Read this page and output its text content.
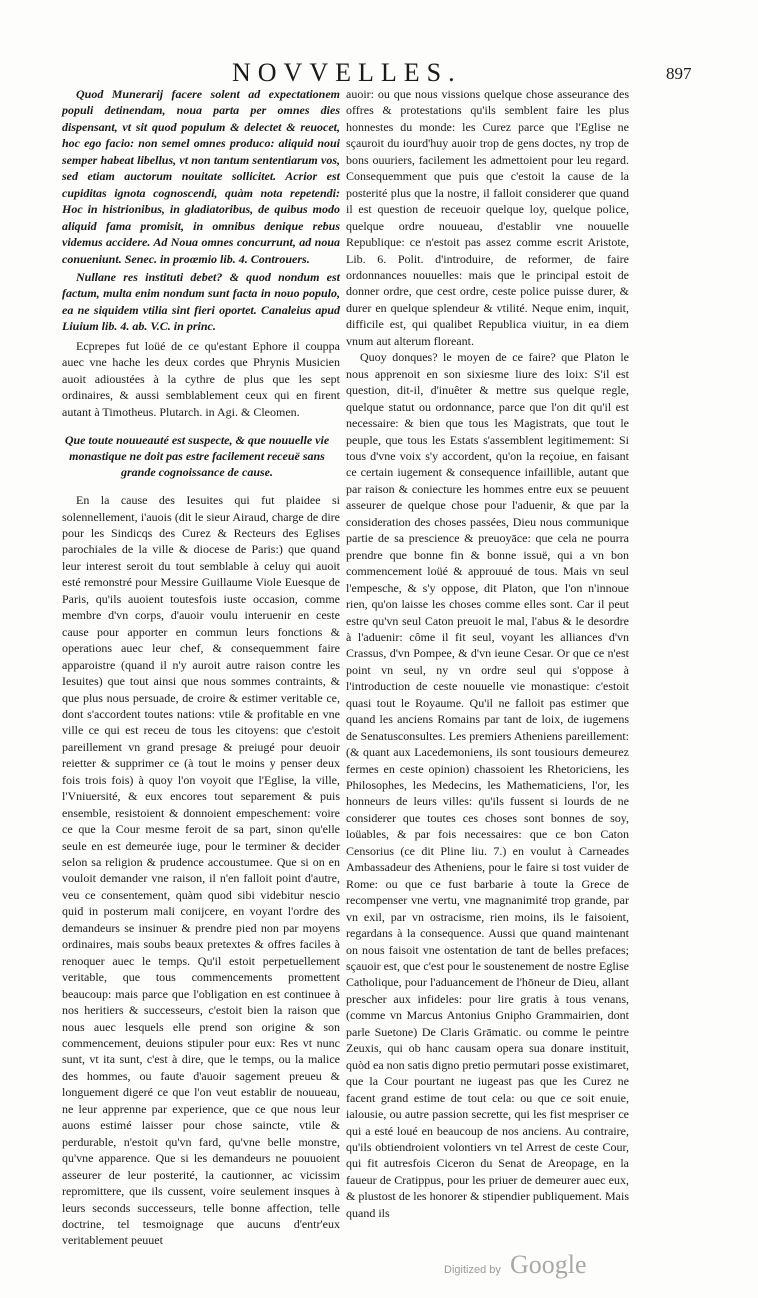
NOVVELLES.	897

Quod Munerarij facere solent ad expectationem populi detinendam, noua parta per omnes dies dispensant, vt sit quod populum & delectet & reuocet, hoc ego facio: non semel omnes produco: aliquid noui semper habeat libellus, vt non tantum sententiarum vos, sed etiam auctorum nouitate sollicitet. Acrior est cupiditas ignota cognoscendi, quàm nota repetendi: Hoc in histrionibus, in gladiatoribus, de quibus modo aliquid fama promisit, in omnibus denique rebus videmus accidere. Ad Noua omnes concurrunt, ad noua conueniunt. Senec. in proœmio lib. 4. Controuers.

Nullane res instituti debet? & quod nondum est factum, multa enim nondum sunt facta in nouo populo, ea ne siquidem vtilia sint fieri oportet. Canaleius apud Liuium lib. 4. ab. V.C. in princ.

Ecprepes fut loüé de ce qu'estant Ephore il couppa auec vne hache les deux cordes que Phrynis Musicien auoit adioustées à la cythre de plus que les sept ordinaires, & aussi semblablement ceux qui en firent autant à Timotheus. Plutarch. in Agi. & Cleomen.

Que toute nouueauté est suspecte, & que nouuelle vie monastique ne doit pas estre facilement receuë sans
grande cognoissance de cause.

En la cause des Iesuites qui fut plaidee si solennellement, i'auois (dit le sieur Airaud, charge de dire pour les Sindicqs des Curez & Recteurs des Eglises parochiales de la ville & diocese de Paris:) que quand leur interest seroit du tout semblable à celuy qui auoit esté remonstré pour Messire Guillaume Viole Euesque de Paris, qu'ils auoient toutesfois iuste occasion, comme membre d'vn corps, d'auoir voulu interuenir en ceste cause pour apporter en commun leurs fonctions & operations auec leur chef, & consequemment faire apparoistre (quand il n'y auroit autre raison contre les Iesuites) que tout ainsi que nous sommes contraints, & que plus nous persuade, de croire & estimer veritable ce, dont s'accordent toutes nations: vtile & profitable en vne ville ce qui est receu de tous les citoyens: que c'estoit pareillement vn grand presage & preiugé pour deuoir reietter & supprimer ce (à tout le moins y penser deux fois trois fois) à quoy l'on voyoit que l'Eglise, la ville, l'Vniuersité, & eux encores tout separement & puis ensemble, resistoient & donnoient empeschement: voire ce que la Cour mesme feroit de sa part, sinon qu'elle seule en est demeurée iuge, pour le terminer & decider selon sa religion & prudence accoustumee. Que si on en vouloit demander vne raison, il n'en falloit point d'autre, veu ce consentement, quàm quod sibi videbitur nescio quid in posterum mali conijcere, en voyant l'ordre des demandeurs se insinuer & prendre pied non par moyens ordinaires, mais soubs beaux pretextes & offres faciles à renoquer auec le temps. Qu'il estoit perpetuellement veritable, que tous commencements promettent beaucoup: mais parce que l'obligation en est continuee à nos heritiers & successeurs, c'estoit bien la raison que nous auec lesquels elle prend son origine & son commencement, deuions stipuler pour eux: Res vt nunc sunt, vt ita sunt, c'est à dire, que le temps, ou la malice des hommes, ou faute d'auoir sagement preueu & longuement digeré ce que l'on veut establir de nouueau, ne leur apprenne par experience, que ce que nous leur auons estimé laisser pour chose saincte, vtile & perdurable, n'estoit qu'vn fard, qu'vne belle monstre, qu'vne apparence. Que si les demandeurs ne pouuoient asseurer de leur posterité, la cautionner, ac vicissim repromittere, que ils cussent, voire seulement insques à leurs seconds successeurs, telle bonne affection, telle doctrine, tel tesmoignage que aucuns d'entr'eux veritablement peuuet

auoir: ou que nous vissions quelque chose asseurance des offres & protestations qu'ils semblent faire les plus honnestes du monde: les Curez parce que l'Eglise ne sçauroit du iourd'huy auoir trop de gens doctes, ny trop de bons ouuriers, facilement les admettoient pour leu regard. Consequemment que puis que c'estoit la cause de la posterité plus que la nostre, il falloit considerer que quand il est question de receuoir quelque loy, quelque police, quelque ordre nouueau, d'establir vne nouuelle Republique: ce n'estoit pas assez comme escrit Aristote, Lib. 6. Polit. d'introduire, de reformer, de faire ordonnances nouuelles: mais que le principal estoit de donner ordre, que cest ordre, ceste police puisse durer, & durer en quelque splendeur & vtilité. Neque enim, inquit, difficile est, qui qualibet Republica viuitur, in ea diem vnum aut alterum floreant.

Quoy donques? le moyen de ce faire? que Platon le nous apprenoit en son sixiesme liure des loix: S'il est question, dit-il, d'inuêter & mettre sus quelque regle, quelque statut ou ordonnance, parce que l'on dit qu'il est necessaire: & bien que tous les Magistrats, que tout le peuple, que tous les Estats s'assemblent legitimement: Si tous d'vne voix s'y accordent, qu'on la reçoiue, en faisant ce certain iugement & consequence infaillible, autant que par raison & coniecture les hommes entre eux se peuuent asseurer de quelque chose pour l'aduenir, & que par la consideration des choses passées, Dieu nous communique partie de sa prescience & preuoyāce: que cela ne pourra prendre que bonne fin & bonne issuë, qui a vn bon commencement loüé & approuué de tous. Mais vn seul l'empesche, & s'y oppose, dit Platon, que l'on n'innoue rien, qu'on laisse les choses comme elles sont. Car il peut estre qu'vn seul Caton preuoit le mal, l'abus & le desordre à l'aduenir: côme il fit seul, voyant les alliances d'vn Crassus, d'vn Pompee, & d'vn ieune Cesar. Or que ce n'est point vn seul, ny vn ordre seul qui s'oppose à l'introduction de ceste nouuelle vie monastique: c'estoit quasi tout le Royaume. Qu'il ne falloit pas estimer que quand les anciens Romains par tant de loix, de iugemens de Senatusconsultes. Les premiers Atheniens pareillement: (& quant aux Lacedemoniens, ils sont tousiours demeurez fermes en ceste opinion) chassoient les Rhetoriciens, les Philosophes, les Medecins, les Mathematiciens, l'or, les honneurs de leurs villes: qu'ils fussent si lourds de ne considerer que toutes ces choses sont bonnes de soy, loüables, & par fois necessaires: que ce bon Caton Censorius (ce dit Pline liu. 7.) en voulut à Carneades Ambassadeur des Atheniens, pour le faire si tost vuider de Rome: ou que ce fust barbarie à toute la Grece de recompenser vne vertu, vne magnanimité trop grande, par vn exil, par vn ostracisme, rien moins, ils le faisoient, regardans à la consequence. Aussi que quand maintenant on nous faisoit vne ostentation de tant de belles prefaces; sçauoir est, que c'est pour le soustenement de nostre Eglise Catholique, pour l'aduancement de l'hōneur de Dieu, allant prescher aux infideles: pour lire gratis à tous venans, (comme vn Marcus Antonius Gnipho Grammairien, dont parle Suetone) De Claris Grāmatic. ou comme le peintre Zeuxis, qui ob hanc causam opera sua donare instituit, quòd ea non satis digno pretio permutari posse existimaret, que la Cour pourtant ne iugeast pas que les Curez ne facent grand estime de tout cela: ou que ce soit enuie, ialousie, ou autre passion secrette, qui les fist mespriser ce qui a esté loué en beaucoup de nos anciens. Au contraire, qu'ils obtiendroient volontiers vn tel Arrest de ceste Cour, qui fit autresfois Ciceron du Senat de Areopage, en la faueur de Cratippus, pour les priuer de demeurer auec eux, & plustost de les honorer & stipendier publiquement. Mais quand ils

Digitized by Google
